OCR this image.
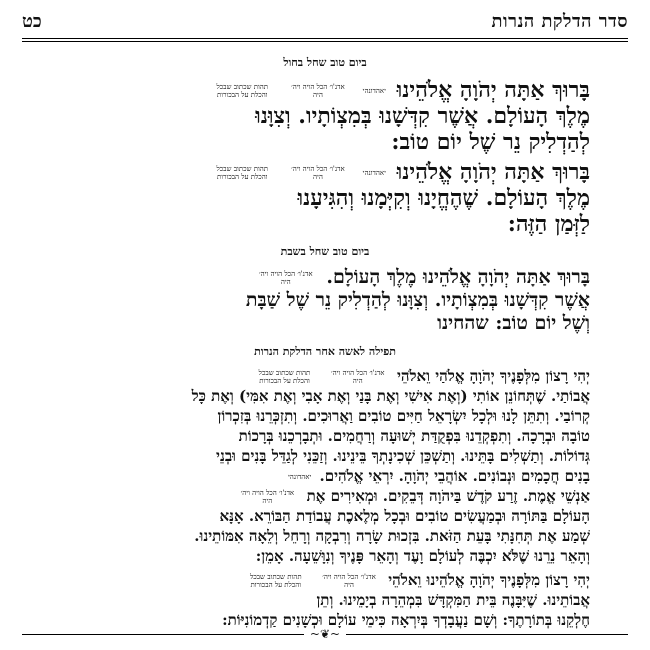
סדר הדלקת הנרות
כט
ביום טוב שחל בחול
בָּרוּךְ אַתָּה יְהֹוָהָ אֱלֹהֵינוּ יאהדונהי אדנ'ו׳ הכל הויה ויה׳ היה תהות שכתוב שבכל והכלת על הבכורות
מֶלֶךְ הָעוֹלָם. אֲשֶׁר קִדְּשָׁנוּ בְּמִצְוֹתָיו. וְצִוָּנוּ
לְהַדְלִיק נֵר שֶׁל יוֹם טוֹב:
בָּרוּךְ אַתָּה יְהֹוָהָ אֱלֹהֵינוּ יאהדונהי אדנ'ו׳ הכל הויה ויה׳ היה תהות שכתוב שבכל והכלת על הבכורות
מֶלֶךְ הָעוֹלָם. שֶׁהֶחֱיָנוּ וְקִיְּמָנוּ וְהִגִּיעָנוּ
לַזְּמַן הַזֶּה:
ביום טוב שחל בשבת
בָּרוּךְ אַתָּה יְהֹוָהָ אֱלֹהֵינוּ מֶלֶךְ הָעוֹלָם. אדנ'ו׳ הכל הויה ויה׳ היה
אֲשֶׁר קִדְּשָׁנוּ בְּמִצְוֹתָיו. וְצִוָּנוּ לְהַדְלִיק נֵר שֶׁל שַׁבָּת
וְשֶׁל יוֹם טוֹב: שהחינו
תפילה לאשה אחר הדלקת הנרות
יְהִי רָצוֹן מִלְּפָנֶיךָ יְהֹוָהָ אֱלֹהַי וֵאלֹהֵי אדנ'ו׳ הכל הויה ויה׳ היה תהות שכתוב שבכל והכלת על הבכורות
אֲבוֹתַי. שֶׁתְּחוֹנֵן אוֹתִי (וְאֶת אִישִׁי וְאֶת בָּנַי וְאֶת אָבִי וְאֶת אִמִּי) וְאֶת כָּל
קְרוֹבַי. וְתִתֵּן לָנוּ וּלְכָל יִשְׂרָאֵל חַיִּים טוֹבִים וַאֲרוּכִים. וְתִזְכְּרֵנוּ בְּזִכְרוֹן
טוֹבָה וּבְרָכָה. וְתִפְקְדֵנוּ בִּפְקֻדַּת יְשׁוּעָה וְרַחֲמִים. וּתְבָרְכֵנוּ בְּרָכוֹת
גְּדוֹלוֹת. וְתַשְׁלִים בָּתֵּינוּ. וְתַשְׁכֵּן שְׁכִינָתְךָ בֵּינֵינוּ. וְזַכֵּנִי לְגַדֵּל בָּנִים וּבְנֵי
בָנִים חֲכָמִים וּנְבוֹנִים. אוֹהֲבֵי יְהֹוָהָ. יִרְאֵי אֱלֹהִים. יאהדונהי
אַנְשֵׁי אֱמֶת. זֶרַע קֹדֶשׁ בַּיהֹוָה דְּבֵקִים. וּמְאִירִים אֶת אדנ'ו׳ הכל הויה ויה׳ היה
הָעוֹלָם בַּתּוֹרָה וּבְמַעֲשִׂים טוֹבִים וּבְכָל מְלֶאכֶת עֲבוֹדַת הַבּוֹרֵא. אָנָּא
שְׁמַע אֶת תְּחִנָּתִי בָּעֵת הַזֹּאת. בִּזְכוּת שָׂרָה וְרִבְקָה וְרָחֵל וְלֵאָה אִמּוֹתֵינוּ.
וְהָאֵר נֵרֵנוּ שֶׁלֹּא יִכְבֶּה לְעוֹלָם וָעֶד וְהָאֵר פָּנֶיךָ וְנִוָּשֵׁעָה. אָמֵן:
יְהִי רָצוֹן מִלְּפָנֶיךָ יְהֹוָהָ אֱלֹהֵינוּ וֵאלֹהֵי אדנ'ו׳ הכל הויה ויה׳ היה תהות שכתוב שבכל והכלת על הבכורות
אֲבוֹתֵינוּ. שֶׁיִּבָּנֶה בֵּית הַמִּקְדָּשׁ בִּמְהֵרָה בְיָמֵינוּ. וְתֵן
חֶלְקֵנוּ בְּתוֹרָתֶךָ: וְשָׁם נַעֲבָדְךָ בְּיִרְאָה כִּימֵי עוֹלָם וּכְשָׁנִים קַדְמוֹנִיּוֹת:
~❦~
